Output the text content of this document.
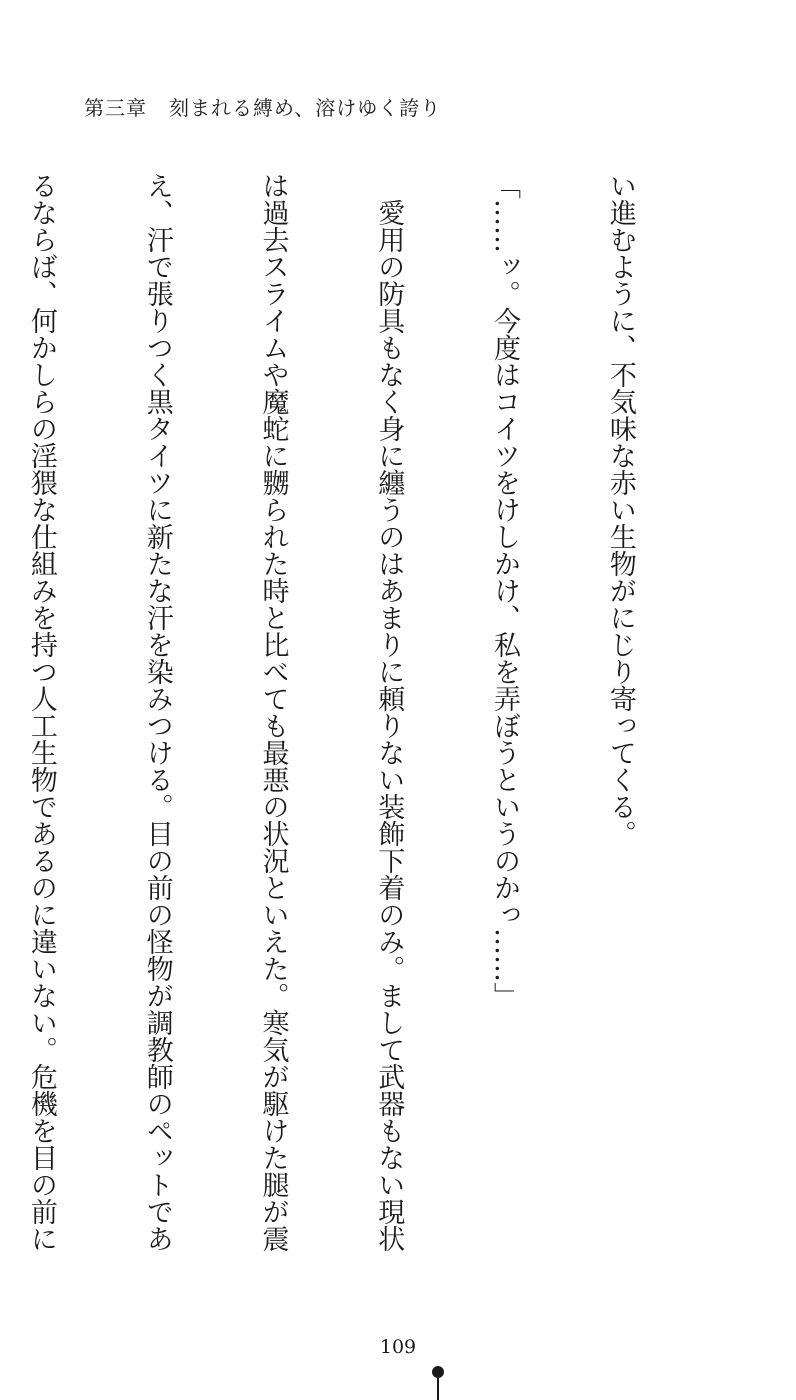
第三章 刻まれる縛め、溶けゆく誇り

い進むように、不気味な赤い生物がにじり寄ってくる。

「……ッ。今度はコイツをけしかけ、私を弄ぼうというのかっ……」

　愛用の防具もなく身に纏うのはあまりに頼りない装飾下着のみ。まして武器もない現状

は過去スライムや魔蛇に嬲られた時と比べても最悪の状況といえた。寒気が駆けた腿が震

え、汗で張りつく黒タイツに新たな汗を染みつける。目の前の怪物が調教師のペットであ

るならば、何かしらの淫猥な仕組みを持つ人工生物であるのに違いない。危機を目の前に

109
